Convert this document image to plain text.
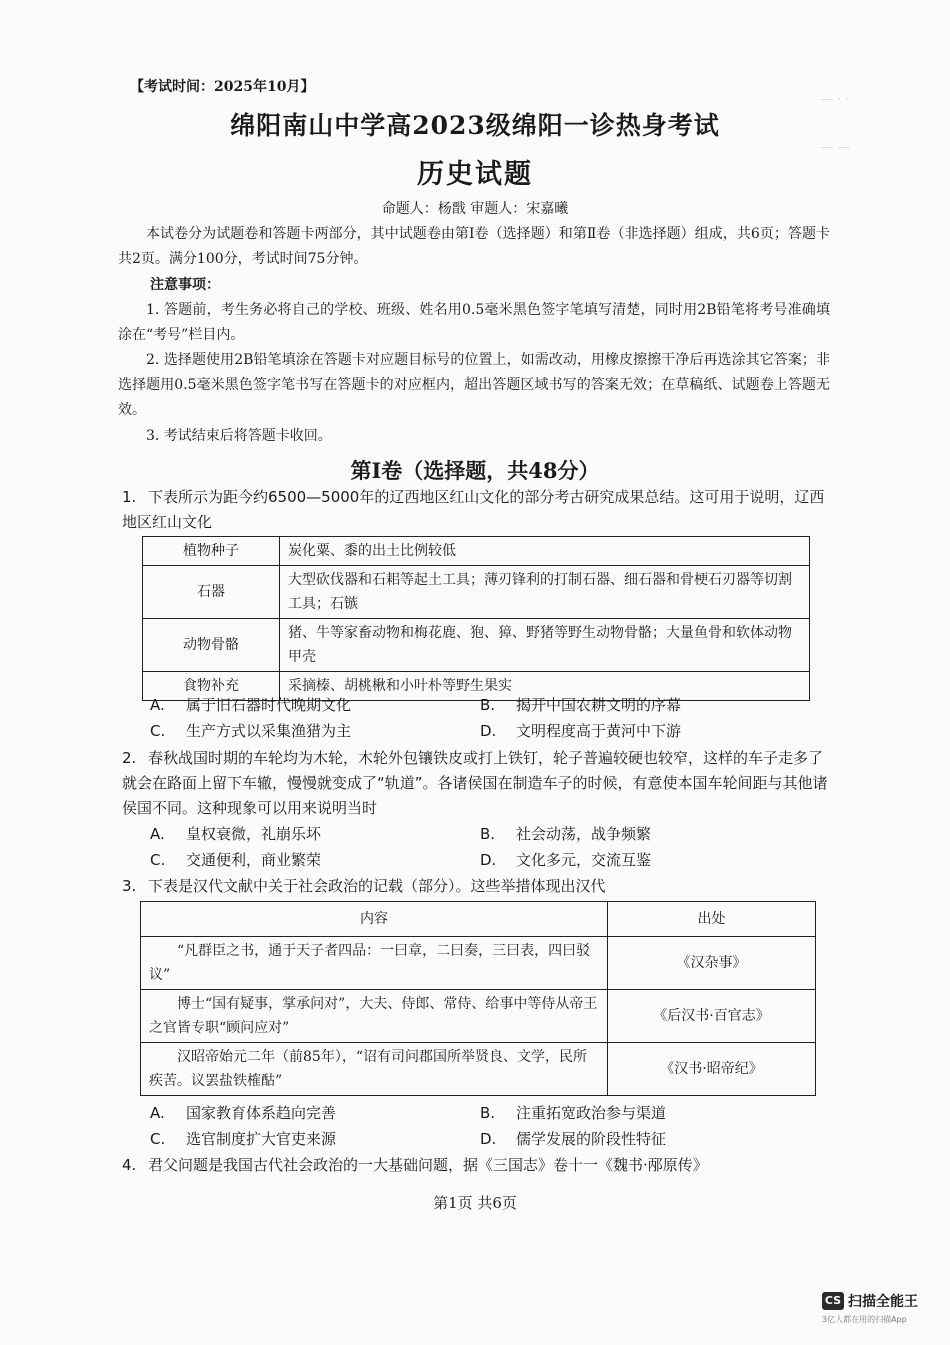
— · ·
— —
【考试时间：2025年10月】
绵阳南山中学高2023级绵阳一诊热身考试
历史试题
命题人：杨戬 审题人：宋嘉曦
本试卷分为试题卷和答题卡两部分，其中试题卷由第Ⅰ卷（选择题）和第Ⅱ卷（非选择题）组成，共6页；答题卡共2页。满分100分，考试时间75分钟。
注意事项：
1. 答题前，考生务必将自己的学校、班级、姓名用0.5毫米黑色签字笔填写清楚，同时用2B铅笔将考号准确填涂在“考号”栏目内。
2. 选择题使用2B铅笔填涂在答题卡对应题目标号的位置上，如需改动，用橡皮擦擦干净后再选涂其它答案；非选择题用0.5毫米黑色签字笔书写在答题卡的对应框内，超出答题区域书写的答案无效；在草稿纸、试题卷上答题无效。
3. 考试结束后将答题卡收回。
第Ⅰ卷（选择题，共48分）
1. 下表所示为距今约6500—5000年的辽西地区红山文化的部分考古研究成果总结。这可用于说明，辽西地区红山文化
植物种子	炭化粟、黍的出土比例较低
石器	大型砍伐器和石耜等起土工具；薄刃锋利的打制石器、细石器和骨梗石刃器等切割工具；石镞
动物骨骼	猪、牛等家畜动物和梅花鹿、狍、獐、野猪等野生动物骨骼；大量鱼骨和软体动物甲壳
食物补充	采摘榛、胡桃楸和小叶朴等野生果实
A. 属于旧石器时代晚期文化	B. 揭开中国农耕文明的序幕
C. 生产方式以采集渔猎为主	D. 文明程度高于黄河中下游
2. 春秋战国时期的车轮均为木轮，木轮外包镶铁皮或打上铁钉，轮子普遍较硬也较窄，这样的车子走多了就会在路面上留下车辙，慢慢就变成了“轨道”。各诸侯国在制造车子的时候，有意使本国车轮间距与其他诸侯国不同。这种现象可以用来说明当时
A. 皇权衰微，礼崩乐坏	B. 社会动荡，战争频繁
C. 交通便利，商业繁荣	D. 文化多元，交流互鉴
3. 下表是汉代文献中关于社会政治的记载（部分）。这些举措体现出汉代
内容	出处
“凡群臣之书，通于天子者四品：一曰章，二曰奏，三曰表，四曰驳议”	《汉杂事》
博士“国有疑事，掌承问对”，大夫、侍郎、常侍、给事中等侍从帝王之官皆专职“顾问应对”	《后汉书·百官志》
汉昭帝始元二年（前85年），“诏有司问郡国所举贤良、文学，民所疾苦。议罢盐铁榷酤”	《汉书·昭帝纪》
A. 国家教育体系趋向完善	B. 注重拓宽政治参与渠道
C. 选官制度扩大官吏来源	D. 儒学发展的阶段性特征
4. 君父问题是我国古代社会政治的一大基础问题，据《三国志》卷十一《魏书·邴原传》
第1页 共6页
CS 扫描全能王
3亿人都在用的扫描App
